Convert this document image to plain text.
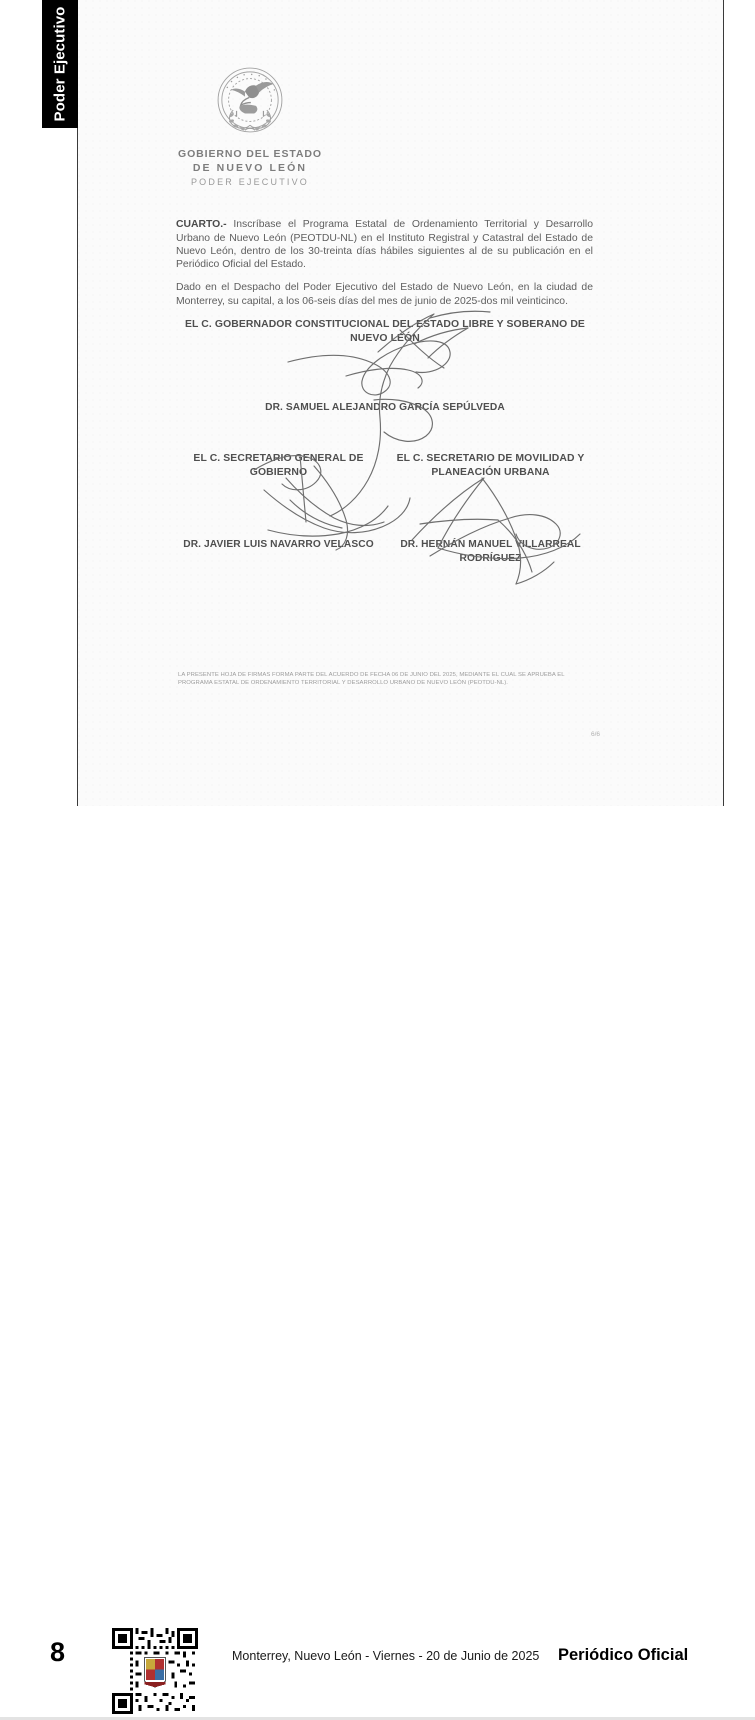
Poder Ejecutivo

GOBIERNO DEL ESTADO
DE NUEVO LEÓN
PODER EJECUTIVO

CUARTO.- Inscríbase el Programa Estatal de Ordenamiento Territorial y Desarrollo Urbano de Nuevo León (PEOTDU-NL) en el Instituto Registral y Catastral del Estado de Nuevo León, dentro de los 30-treinta días hábiles siguientes al de su publicación en el Periódico Oficial del Estado.

Dado en el Despacho del Poder Ejecutivo del Estado de Nuevo León, en la ciudad de Monterrey, su capital, a los 06-seis días del mes de junio de 2025-dos mil veinticinco.

EL C. GOBERNADOR CONSTITUCIONAL DEL ESTADO LIBRE Y SOBERANO DE NUEVO LEÓN
DR. SAMUEL ALEJANDRO GARCÍA SEPÚLVEDA
EL C. SECRETARIO GENERAL DE GOBIERNO
EL C. SECRETARIO DE MOVILIDAD Y PLANEACIÓN URBANA
DR. JAVIER LUIS NAVARRO VELASCO	DR. HERNÁN MANUEL VILLARREAL RODRÍGUEZ
LA PRESENTE HOJA DE FIRMAS FORMA PARTE DEL ACUERDO DE FECHA 06 DE JUNIO DEL 2025, MEDIANTE EL CUAL SE APRUEBA EL PROGRAMA ESTATAL DE ORDENAMIENTO TERRITORIAL Y DESARROLLO URBANO DE NUEVO LEÓN (PEOTDU-NL).
6/6
8	Monterrey, Nuevo León - Viernes - 20 de Junio de 2025 Periódico Oficial
